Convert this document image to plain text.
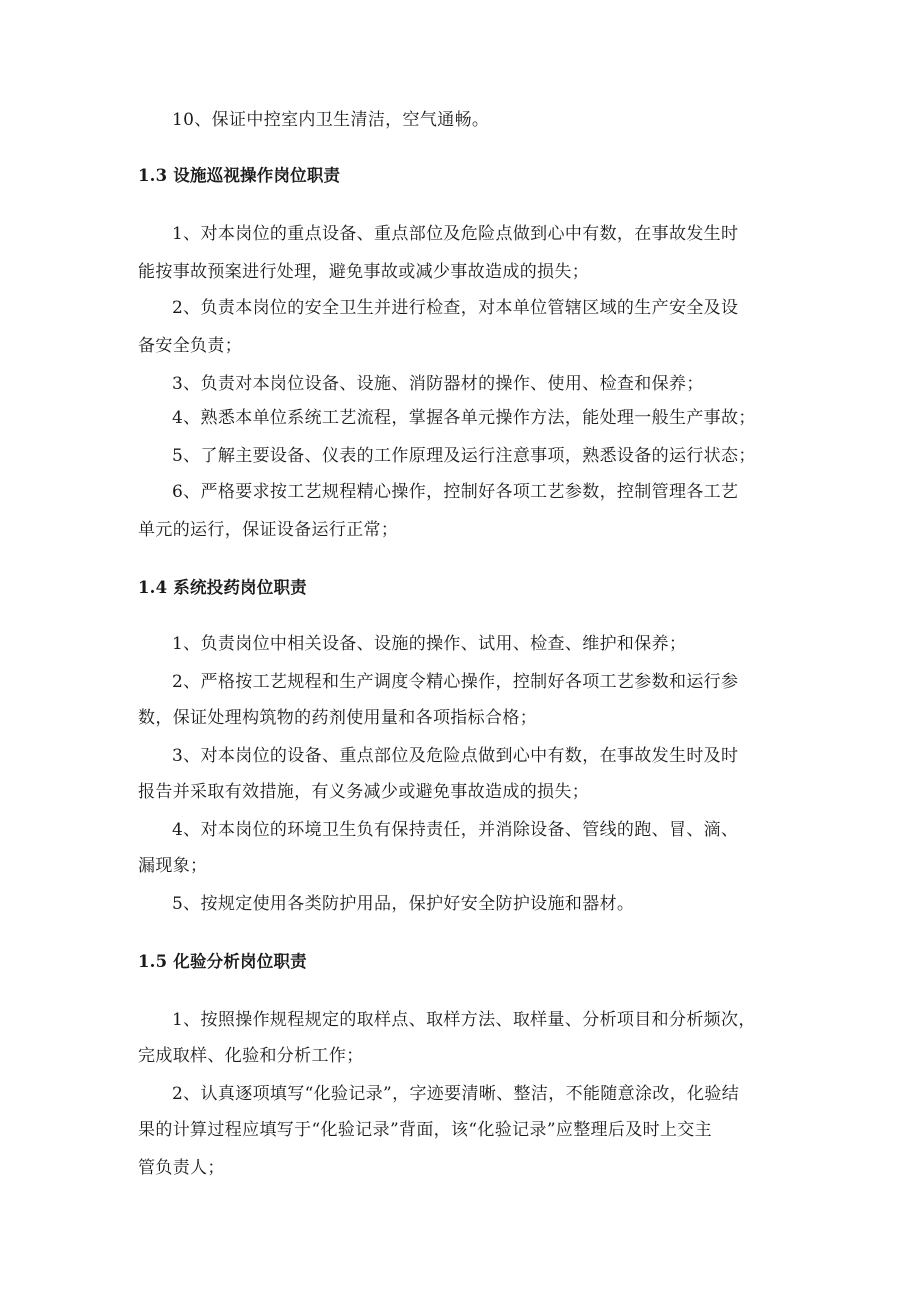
10、保证中控室内卫生清洁，空气通畅。
1.3 设施巡视操作岗位职责
1、对本岗位的重点设备、重点部位及危险点做到心中有数，在事故发生时
能按事故预案进行处理，避免事故或减少事故造成的损失；
2、负责本岗位的安全卫生并进行检查，对本单位管辖区域的生产安全及设
备安全负责；
3、负责对本岗位设备、设施、消防器材的操作、使用、检查和保养；
4、熟悉本单位系统工艺流程，掌握各单元操作方法，能处理一般生产事故；
5、了解主要设备、仪表的工作原理及运行注意事项，熟悉设备的运行状态；
6、严格要求按工艺规程精心操作，控制好各项工艺参数，控制管理各工艺
单元的运行，保证设备运行正常；
1.4 系统投药岗位职责
1、负责岗位中相关设备、设施的操作、试用、检查、维护和保养；
2、严格按工艺规程和生产调度令精心操作，控制好各项工艺参数和运行参
数，保证处理构筑物的药剂使用量和各项指标合格；
3、对本岗位的设备、重点部位及危险点做到心中有数，在事故发生时及时
报告并采取有效措施，有义务减少或避免事故造成的损失；
4、对本岗位的环境卫生负有保持责任，并消除设备、管线的跑、冒、滴、
漏现象；
5、按规定使用各类防护用品，保护好安全防护设施和器材。
1.5 化验分析岗位职责
1、按照操作规程规定的取样点、取样方法、取样量、分析项目和分析频次，
完成取样、化验和分析工作；
2、认真逐项填写“化验记录”，字迹要清晰、整洁，不能随意涂改，化验结
果的计算过程应填写于“化验记录”背面，该“化验记录”应整理后及时上交主
管负责人；
